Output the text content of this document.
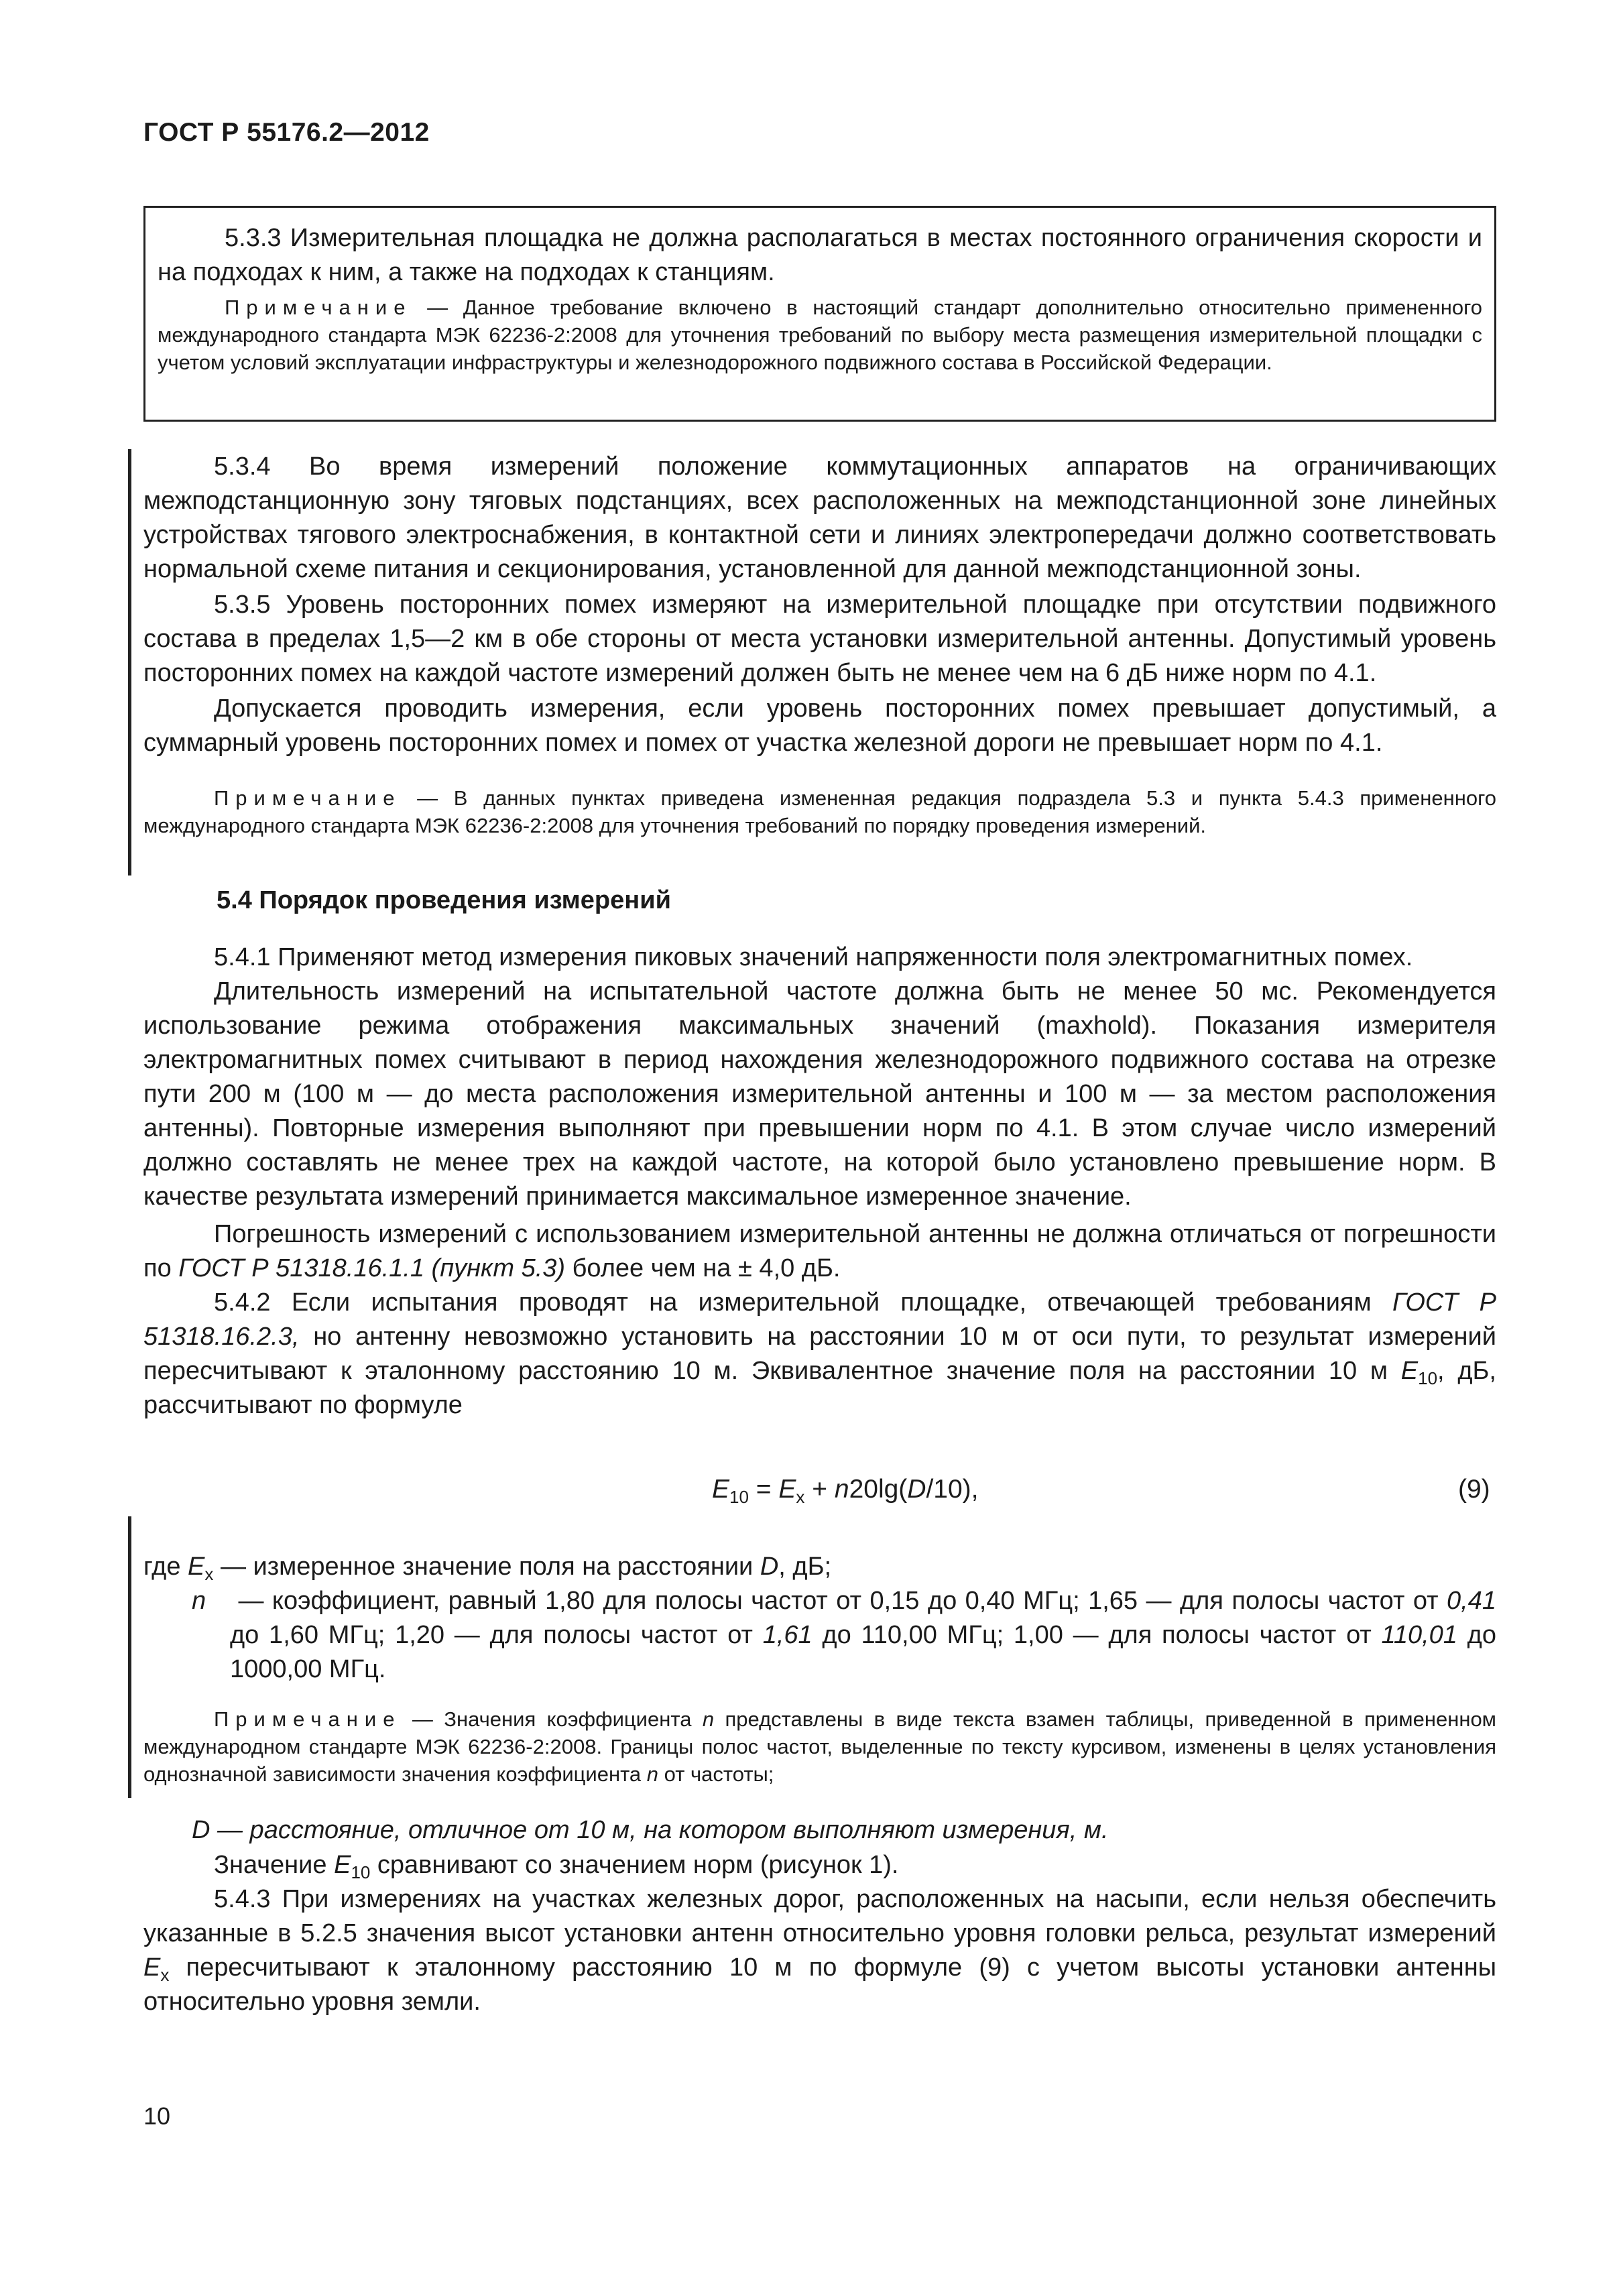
ГОСТ Р 55176.2—2012

5.3.3 Измерительная площадка не должна располагаться в местах постоянного ограничения скорости и на подходах к ним, а также на подходах к станциям.

Примечание — Данное требование включено в настоящий стандарт дополнительно относительно примененного международного стандарта МЭК 62236-2:2008 для уточнения требований по выбору места размещения измерительной площадки с учетом условий эксплуатации инфраструктуры и железнодорожного подвижного состава в Российской Федерации.

5.3.4 Во время измерений положение коммутационных аппаратов на ограничивающих межподстанционную зону тяговых подстанциях, всех расположенных на межподстанционной зоне линейных устройствах тягового электроснабжения, в контактной сети и линиях электропередачи должно соответствовать нормальной схеме питания и секционирования, установленной для данной межподстанционной зоны.

5.3.5 Уровень посторонних помех измеряют на измерительной площадке при отсутствии подвижного состава в пределах 1,5—2 км в обе стороны от места установки измерительной антенны. Допустимый уровень посторонних помех на каждой частоте измерений должен быть не менее чем на 6 дБ ниже норм по 4.1.

Допускается проводить измерения, если уровень посторонних помех превышает допустимый, а суммарный уровень посторонних помех и помех от участка железной дороги не превышает норм по 4.1.

Примечание — В данных пунктах приведена измененная редакция подраздела 5.3 и пункта 5.4.3 примененного международного стандарта МЭК 62236-2:2008 для уточнения требований по порядку проведения измерений.

5.4 Порядок проведения измерений

5.4.1 Применяют метод измерения пиковых значений напряженности поля электромагнитных помех.

Длительность измерений на испытательной частоте должна быть не менее 50 мс. Рекомендуется использование режима отображения максимальных значений (maxhold). Показания измерителя электромагнитных помех считывают в период нахождения железнодорожного подвижного состава на отрезке пути 200 м (100 м — до места расположения измерительной антенны и 100 м — за местом расположения антенны). Повторные измерения выполняют при превышении норм по 4.1. В этом случае число измерений должно составлять не менее трех на каждой частоте, на которой было установлено превышение норм. В качестве результата измерений принимается максимальное измеренное значение.

Погрешность измерений с использованием измерительной антенны не должна отличаться от погрешности по ГОСТ Р 51318.16.1.1 (пункт 5.3) более чем на ± 4,0 дБ.

5.4.2 Если испытания проводят на измерительной площадке, отвечающей требованиям ГОСТ Р 51318.16.2.3, но антенну невозможно установить на расстоянии 10 м от оси пути, то результат измерений пересчитывают к эталонному расстоянию 10 м. Эквивалентное значение поля на расстоянии 10 м $E_{10}$, дБ, рассчитывают по формуле

$E_{10} = E_x + n20\lg(D/10)$,	(9)

где $E_x$ — измеренное значение поля на расстоянии D, дБ;

n — коэффициент, равный 1,80 для полосы частот от 0,15 до 0,40 МГц; 1,65 — для полосы частот от 0,41 до 1,60 МГц; 1,20 — для полосы частот от 1,61 до 110,00 МГц; 1,00 — для полосы частот от 110,01 до 1000,00 МГц.

Примечание — Значения коэффициента n представлены в виде текста взамен таблицы, приведенной в примененном международном стандарте МЭК 62236-2:2008. Границы полос частот, выделенные по тексту курсивом, изменены в целях установления однозначной зависимости значения коэффициента n от частоты;

D — расстояние, отличное от 10 м, на котором выполняют измерения, м.

Значение $E_{10}$ сравнивают со значением норм (рисунок 1).

5.4.3 При измерениях на участках железных дорог, расположенных на насыпи, если нельзя обеспечить указанные в 5.2.5 значения высот установки антенн относительно уровня головки рельса, результат измерений $E_x$ пересчитывают к эталонному расстоянию 10 м по формуле (9) с учетом высоты установки антенны относительно уровня земли.

10
